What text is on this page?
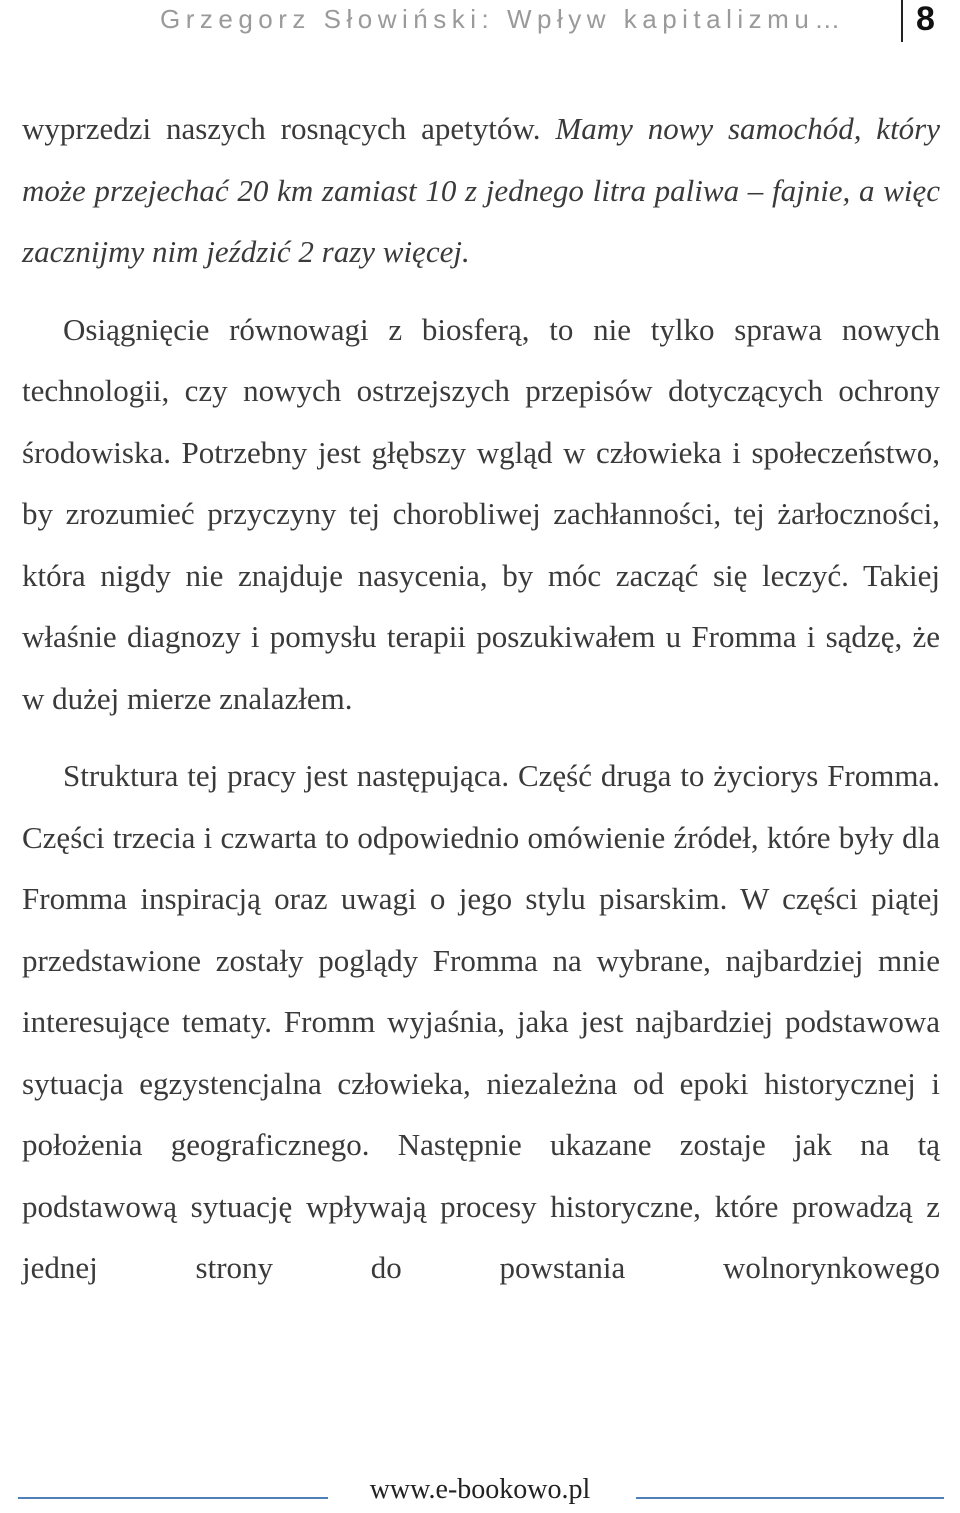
Grzegorz Słowiński: Wpływ kapitalizmu… 8

wyprzedzi naszych rosnących apetytów. Mamy nowy samochód, który może przejechać 20 km zamiast 10 z jednego litra paliwa – fajnie, a więc zacznijmy nim jeździć 2 razy więcej.

Osiągnięcie równowagi z biosferą, to nie tylko sprawa nowych technologii, czy nowych ostrzejszych przepisów dotyczących ochrony środowiska. Potrzebny jest głębszy wgląd w człowieka i społeczeństwo, by zrozumieć przyczyny tej chorobliwej zachłanności, tej żarłoczności, która nigdy nie znajduje nasycenia, by móc zacząć się leczyć. Takiej właśnie diagnozy i pomysłu terapii poszukiwałem u Fromma i sądzę, że w dużej mierze znalazłem.

Struktura tej pracy jest następująca. Część druga to życiorys Fromma. Części trzecia i czwarta to odpowiednio omówienie źródeł, które były dla Fromma inspiracją oraz uwagi o jego stylu pisarskim. W części piątej przedstawione zostały poglądy Fromma na wybrane, najbardziej mnie interesujące tematy. Fromm wyjaśnia, jaka jest najbardziej podstawowa sytuacja egzystencjalna człowieka, niezależna od epoki historycznej i położenia geograficznego. Następnie ukazane zostaje jak na tą podstawową sytuację wpływają procesy historyczne, które prowadzą z jednej strony do powstania wolnorynkowego

www.e-bookowo.pl
